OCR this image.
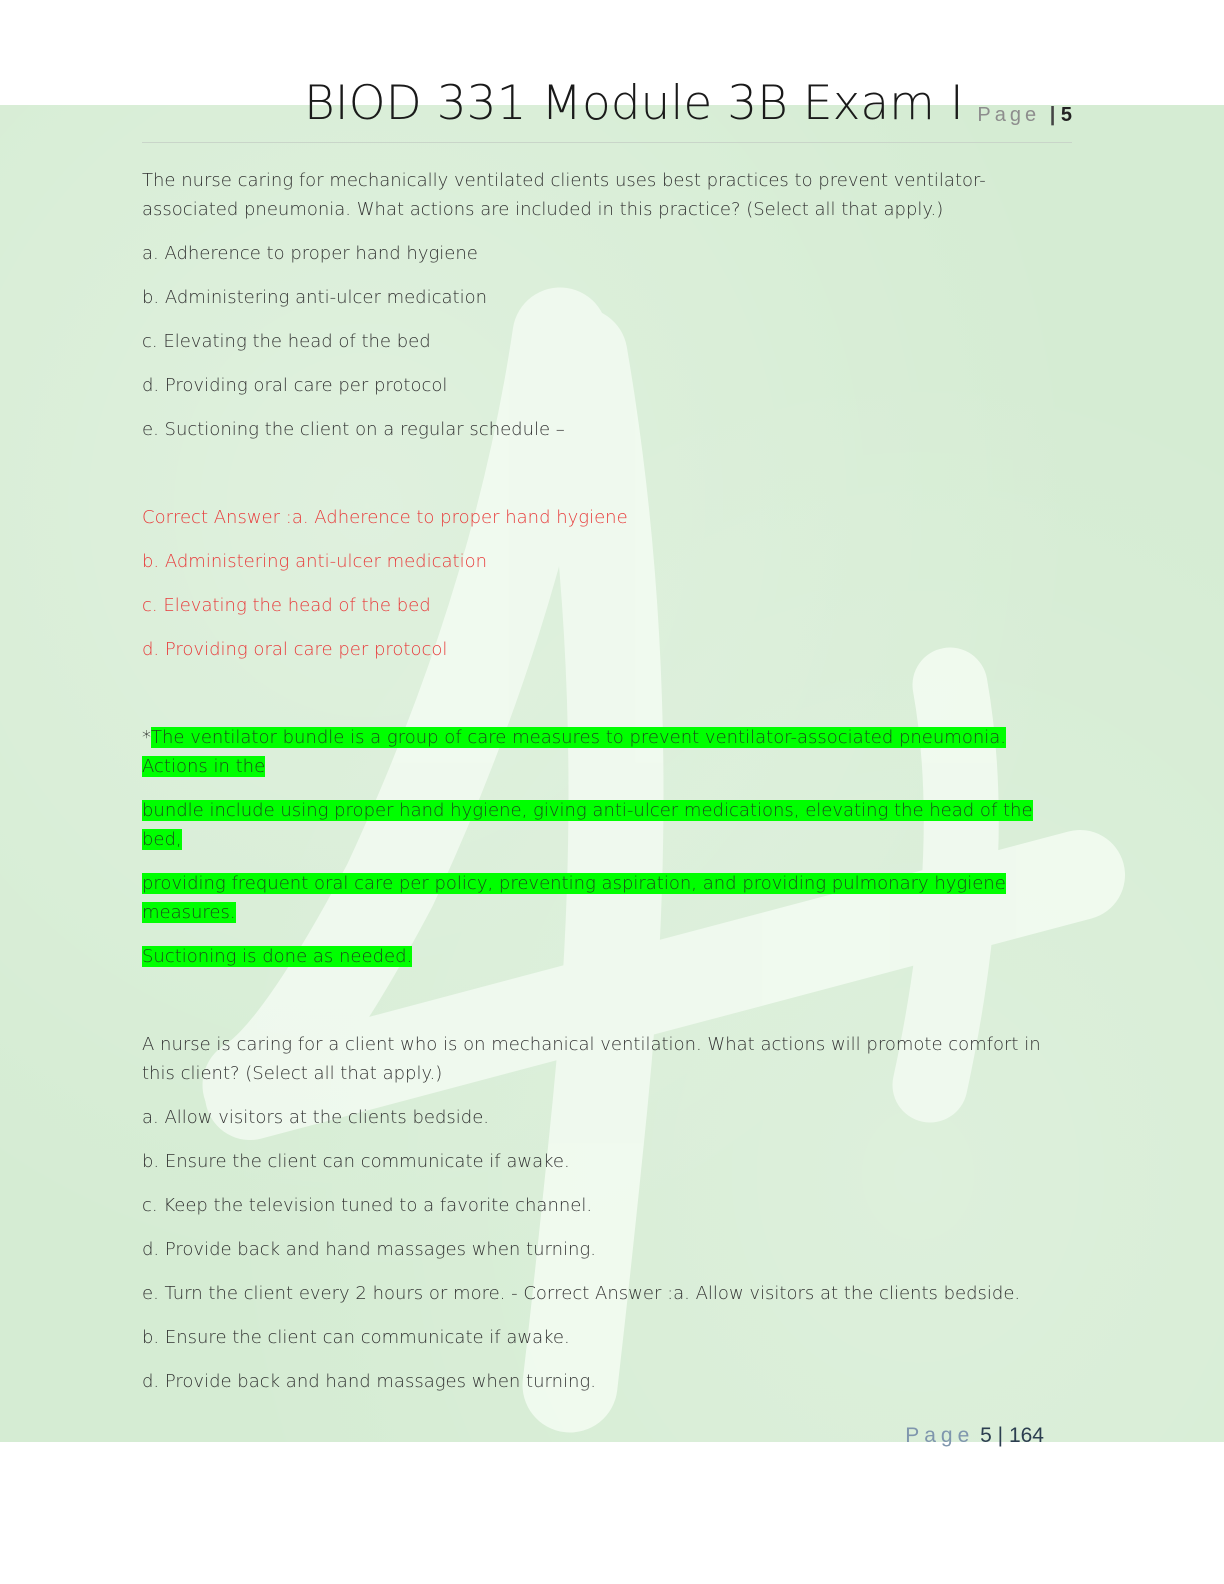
BIOD 331 Module 3B Exam I Page | 5

The nurse caring for mechanically ventilated clients uses best practices to prevent ventilator-associated pneumonia. What actions are included in this practice? (Select all that apply.)

a. Adherence to proper hand hygiene

b. Administering anti-ulcer medication

c. Elevating the head of the bed

d. Providing oral care per protocol

e. Suctioning the client on a regular schedule –

Correct Answer :a. Adherence to proper hand hygiene

b. Administering anti-ulcer medication

c. Elevating the head of the bed

d. Providing oral care per protocol

*The ventilator bundle is a group of care measures to prevent ventilator-associated pneumonia. Actions in the

bundle include using proper hand hygiene, giving anti-ulcer medications, elevating the head of the bed,

providing frequent oral care per policy, preventing aspiration, and providing pulmonary hygiene measures.

Suctioning is done as needed.

A nurse is caring for a client who is on mechanical ventilation. What actions will promote comfort in this client? (Select all that apply.)

a. Allow visitors at the clients bedside.

b. Ensure the client can communicate if awake.

c. Keep the television tuned to a favorite channel.

d. Provide back and hand massages when turning.

e. Turn the client every 2 hours or more. - Correct Answer :a. Allow visitors at the clients bedside.

b. Ensure the client can communicate if awake.

d. Provide back and hand massages when turning.

Page 5 | 164
